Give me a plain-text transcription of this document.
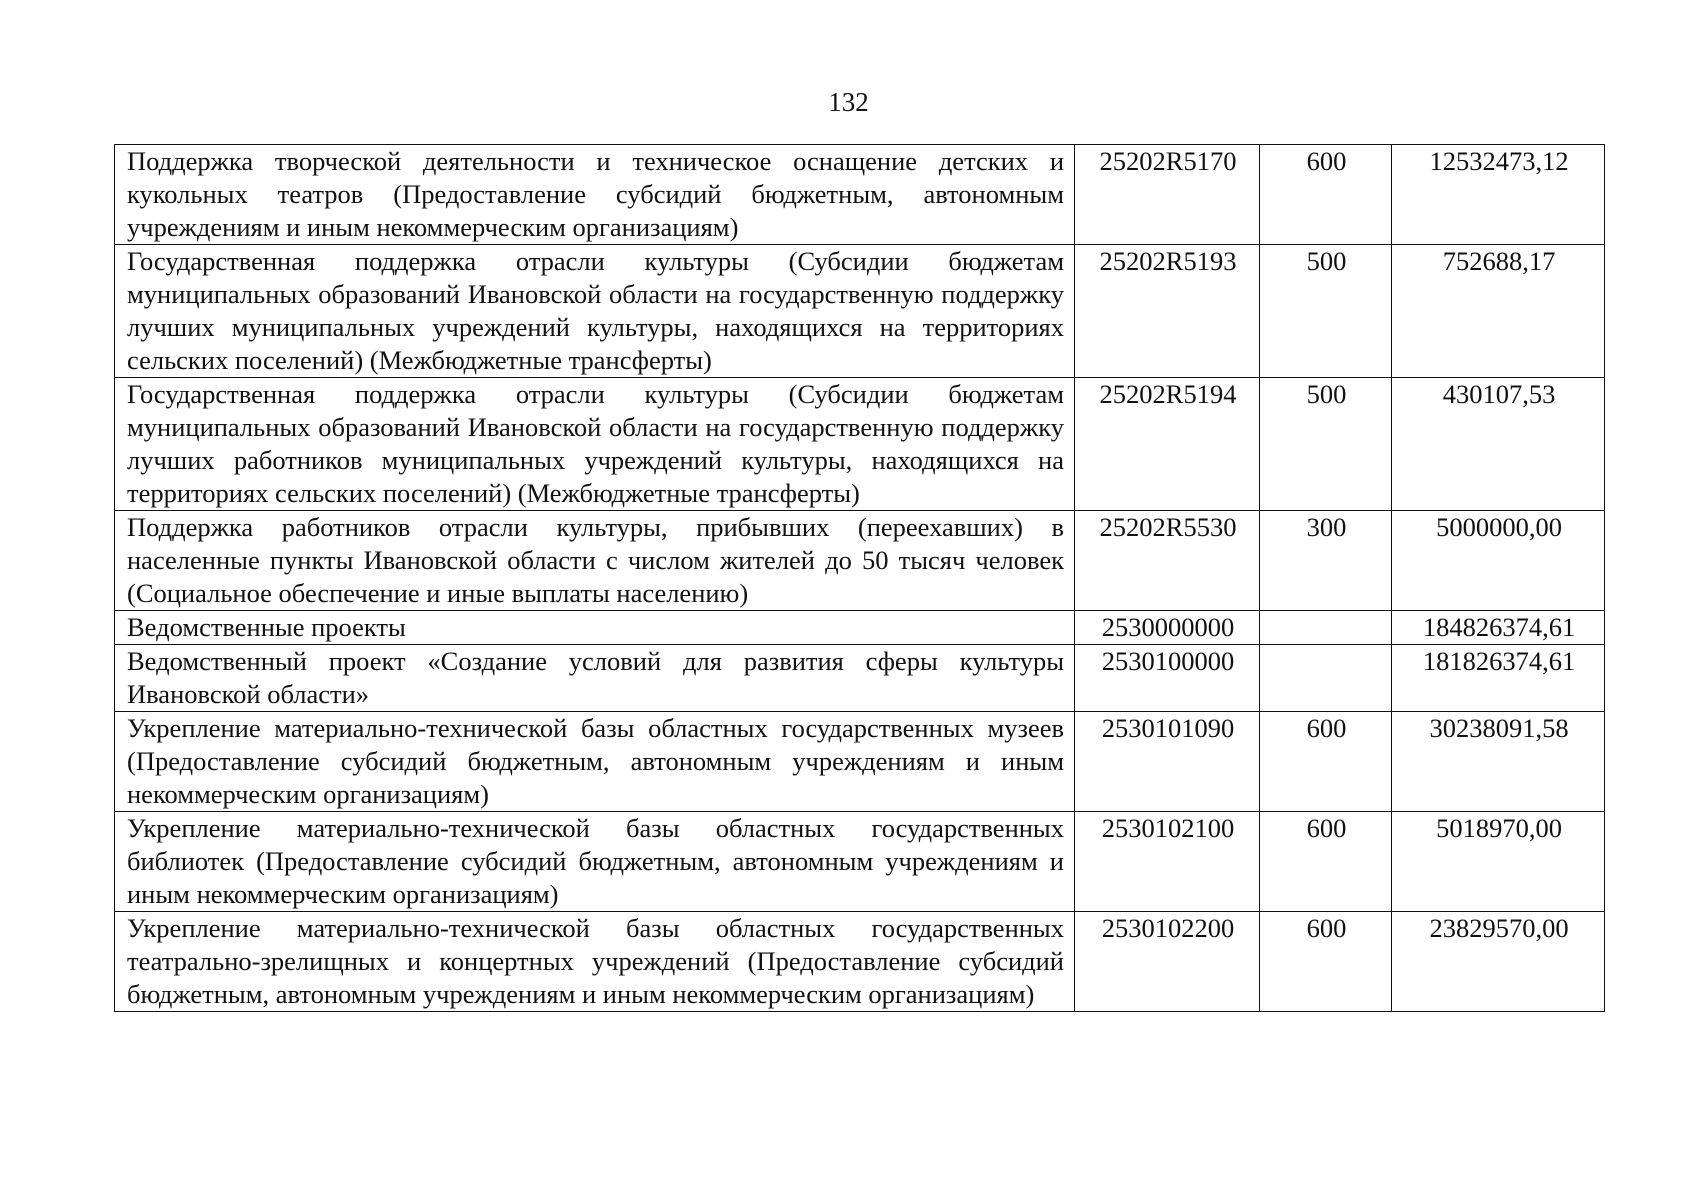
132
Поддержка творческой деятельности и техническое оснащение детских и кукольных театров (Предоставление субсидий бюджетным, автономным учреждениям и иным некоммерческим организациям)	25202R5170	600	12532473,12
Государственная поддержка отрасли культуры (Субсидии бюджетам муниципальных образований Ивановской области на государственную поддержку лучших муниципальных учреждений культуры, находящихся на территориях сельских поселений) (Межбюджетные трансферты)	25202R5193	500	752688,17
Государственная поддержка отрасли культуры (Субсидии бюджетам муниципальных образований Ивановской области на государственную поддержку лучших работников муниципальных учреждений культуры, находящихся на территориях сельских поселений) (Межбюджетные трансферты)	25202R5194	500	430107,53
Поддержка работников отрасли культуры, прибывших (переехавших) в населенные пункты Ивановской области с числом жителей до 50 тысяч человек (Социальное обеспечение и иные выплаты населению)	25202R5530	300	5000000,00
Ведомственные проекты	2530000000		184826374,61
Ведомственный проект «Создание условий для развития сферы культуры Ивановской области»	2530100000		181826374,61
Укрепление материально-технической базы областных государственных музеев (Предоставление субсидий бюджетным, автономным учреждениям и иным некоммерческим организациям)	2530101090	600	30238091,58
Укрепление материально-технической базы областных государственных библиотек (Предоставление субсидий бюджетным, автономным учреждениям и иным некоммерческим организациям)	2530102100	600	5018970,00
Укрепление материально-технической базы областных государственных театрально-зрелищных и концертных учреждений (Предоставление субсидий бюджетным, автономным учреждениям и иным некоммерческим организациям)	2530102200	600	23829570,00
